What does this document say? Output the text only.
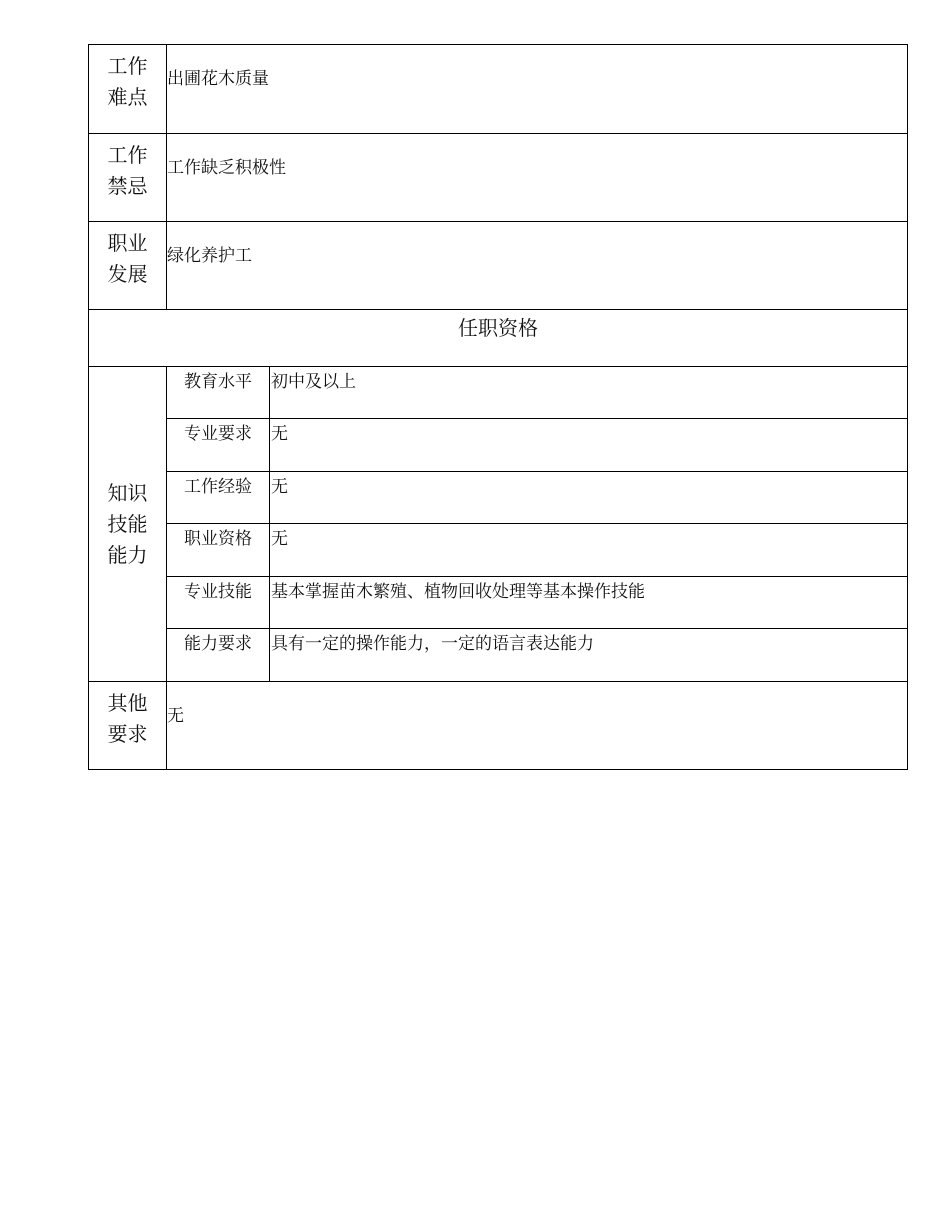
工作
难点	出圃花木质量	

工作
禁忌	工作缺乏积极性	

职业
发展	绿化养护工	
任职资格		

知识
技能
能力	教育水平	初中及以上
	专业要求	无
	工作经验	无
	职业资格	无
	专业技能	基本掌握苗木繁殖、植物回收处理等基本操作技能
	能力要求	具有一定的操作能力，一定的语言表达能力

其他
要求	无	
